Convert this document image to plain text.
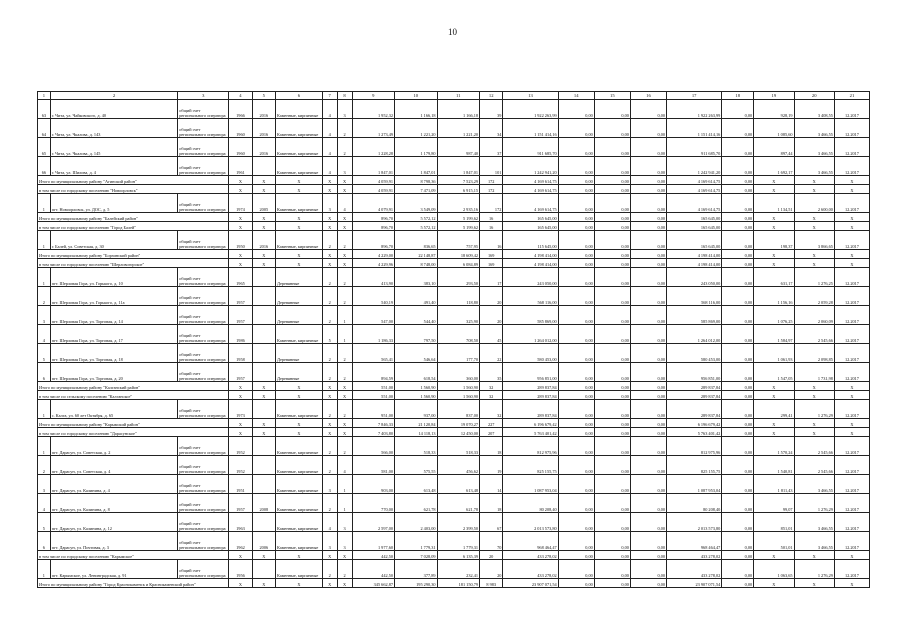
10
1	2	3	4	5	6	7	8	9	10	11	12	13	14	15	16	17	18	19	20	21
63	г. Чита, ул. Чайковского, д. 40	общий счет регионального оператора	1966	2016	Каменные, кирпичные	4	3	1 952,32	1 166,18	1 166,18	39	1 922 263,99	0,00	0,00	0,00	1 922 263,99	0,00	928,19	3 408,55	12.2017
64	г. Чита, ул. Чкалова, д. 143	общий счет регионального оператора	1960	2016	Каменные, кирпичные	4	2	1 273,49	1 221,20	1 221,20	34	1 151 414,16	0,00	0,00	0,00	1 151 414,16	0,00	1 085,60	3 466,55	12.2017
65	г. Чита, ул. Чкалова, д. 145	общий счет регионального оператора	1960	2016	Каменные, кирпичные	4	2	1 228,28	1 179,80	987,40	37	911 685,70	0,00	0,00	0,00	911 685,70	0,00	897,44	3 466,55	12.2017
66	г. Чита, ул. Шилова, д. 4	общий счет регионального оператора	1961		Каменные, кирпичные	4	3	1 847,01	1 847,01	1 847,01	101	1 242 941,20	0,00	0,00	0,00	1 242 941,20	0,00	1 692,17	3 466,55	12.2017
Итого по муниципальному району "Агинский район"			X	X	X	X	X	4 059,91	8 798,36	7 523,29	172	4 169 614,75	0,00	0,00	0,00	4 169 614,75	0,00	X	X	X
в том числе по городскому поселению "Новоорловск"			X	X	X	X	X	4 059,91	7 471,09	6 915,15	172	4 169 614,75	0,00	0,00	0,00	4 169 614,75	0,00	X	X	X
1	пгт. Новоорловск, ул. ДОС, д. 5	общий счет регионального оператора	1974	2005	Каменные, кирпичные	3	4	4 079,91	3 549,09	2 935,16	172	4 169 614,75	0,00	0,00	0,00	4 169 614,75	0,00	1 134,51	2 600,00	12.2017
Итого по муниципальному району "Балейский район"			X	X	X	X	X	896,70	5 572,12	5 199,62	16	165 645,00	0,00	0,00	0,00	165 645,00	0,00	X	X	X
в том числе по городскому поселению "Город Балей"			X	X	X	X	X	896,70	5 572,12	5 199,62	16	165 645,00	0,00	0,00	0,00	165 645,00	0,00	X	X	X
1	г. Балей, ул. Советская, д. 30	общий счет регионального оператора	1950	2016	Каменные, кирпичные	2	2	896,70	836,65	757,95	16	115 645,00	0,00	0,00	0,00	165 645,00	0,00	198,37	3 866,65	12.2017
Итого по муниципальному району "Борзинский район"			X	X	X	X	X	4 229,00	22 148,87	18 609,42	169	4 198 414,00	0,00	0,00	0,00	4 198 414,00	0,00	X	X	X
в том числе по городскому поселению "Шерловогорское"			X	X	X	X	X	4 229,96	8 748,00	6 084,89	169	4 198 414,00	0,00	0,00	0,00	4 198 414,00	0,00	X	X	X
1	пгт. Шерловая Гора, ул. Горького, д. 10	общий счет регионального оператора	1965		Деревянные	2	2	413,90	383,10	293,50	17	243 050,00	0,00	0,00	0,00	243 050,00	0,00	631,17	1 276,25	12.2017
2	пгт. Шерловая Гора, ул. Горького, д. 11а	общий счет регионального оператора	1957		Деревянные	2	2	540,19	491,40	118,80	20	568 116,00	0,00	0,00	0,00	568 116,00	0,00	1 156,16	2 059,28	12.2017
3	пгт. Шерловая Гора, ул. Торговая, д. 14	общий счет регионального оператора	1957		Деревянные	2	1	547,00	544,40	325,90	20	585 869,00	0,00	0,00	0,00	585 869,00	0,00	1 076,25	2 060,09	12.2017
4	пгт. Шерловая Гора, ул. Торговая, д. 17	общий счет регионального оператора	1986		Каменные, кирпичные	5	1	1 186,33	797,50	708,50	45	1 264 012,00	0,00	0,00	0,00	1 264 012,00	0,00	1 584,97	2 545,66	12.2017
5	пгт. Шерловая Гора, ул. Торговая, д. 18	общий счет регионального оператора	1958		Деревянные	2	2	565,41	546,64	177,70	22	580 453,00	0,00	0,00	0,00	580 453,00	0,00	1 061,93	2 098,85	12.2017
6	пгт. Шерловая Гора, ул. Торговая, д. 20	общий счет регионального оператора	1957		Деревянные	2	2	894,59	618,54	360,00	35	956 851,00	0,00	0,00	0,00	956 851,00	0,00	1 547,05	1 731,98	12.2017
Итого по муниципальному району "Калганский район"			X	X	X	X	X	551,00	1 560,90	1 560,90	32	289 837,84	0,00	0,00	0,00	289 837,84	0,00	X	X	X
в том числе по сельскому поселению "Калганское"			X	X	X	X	X	551,00	1 560,90	1 560,90	32	289 837,84	0,00	0,00	0,00	289 837,84	0,00	X	X	X
1	с. Калга, ул. 60 лет Октября, д. 65	общий счет регионального оператора	1973		Каменные, кирпичные	2	2	951,00	937,00	837,00	32	289 837,84	0,00	0,00	0,00	289 837,84	0,00	299,41	1 276,29	12.2017
Итого по муниципальному району "Карымский район"			X	X	X	X	X	7 846,33	21 120,84	19 070,27	227	6 196 679,42	0,00	0,00	0,00	6 196 679,42	0,00	X	X	X
в том числе по городскому поселению "Дарасунское"			X	X	X	X	X	7 403,80	14 118,13	12 450,00	207	5 763 401,42	0,00	0,00	0,00	5 763 401,42	0,00	X	X	X
1	пгт. Дарасун, ул. Советская, д. 2	общий счет регионального оператора	1952		Каменные, кирпичные	2	2	566,00	518,33	518,33	18	812 975,96	0,00	0,00	0,00	812 975,96	0,00	1 570,24	2 545,66	12.2017
2	пгт. Дарасун, ул. Советская, д. 4	общий счет регионального оператора	1952		Каменные, кирпичные	2	4	581,00	575,55	456,62	19	825 155,75	0,00	0,00	0,00	825 155,75	0,00	1 540,81	2 545,66	12.2017
3	пгт. Дарасун, ул. Калинина, д. 4	общий счет регионального оператора	1951		Каменные, кирпичные	3	1	903,00	613,48	613,48	14	1 087 953,04	0,00	0,00	0,00	1 087 953,04	0,00	1 811,43	3 466,55	12.2017
4	пгт. Дарасун, ул. Калинина, д. 8	общий счет регионального оператора	1957	2008	Каменные, кирпичные	2	1	770,00	621,78	621,78	18	80 208,40	0,00	0,00	0,00	80 208,40	0,00	99,07	1 276,29	12.2017
5	пгт. Дарасун, ул. Калинина, д. 12	общий счет регионального оператора	1963		Каменные, кирпичные	4	3	2 597,00	2 403,00	2 399,50	67	2 013 573,80	0,00	0,00	0,00	2 013 573,80	0,00	851,01	3 466,55	12.2017
6	пгт. Дарасун, ул. Почтовая, д. 3	общий счет регионального оператора	1962	2006	Каменные, кирпичные	3	3	1 977,60	1 779,31	1 779,31	70	968 464,47	0,00	0,00	0,00	968 464,47	0,00	501,01	3 466,55	12.2017
в том числе по городскому поселению "Карымское"			X	X	X	X	X	442,50	7 028,09	6 135,39	20	433 278,02	0,00	0,00	0,00	433 278,02	0,00	X	X	X
1	пгт. Карымское, ул. Ленинградская, д. 91	общий счет регионального оператора	1956		Каменные, кирпичные	2	2	442,50	377,89	232,41	20	433 278,02	0,00	0,00	0,00	433 278,02	0,00	1 063,65	1 276,29	12.2017
Итого по муниципальному району "Город Краснокаменск и Краснокаменский район"			X	X	X	X	X	345 662,87	195 290,30	181 150,79	8 983	23 907 071,54	0,00	0,00	0,00	23 907 071,54	0,00	X	X	X
